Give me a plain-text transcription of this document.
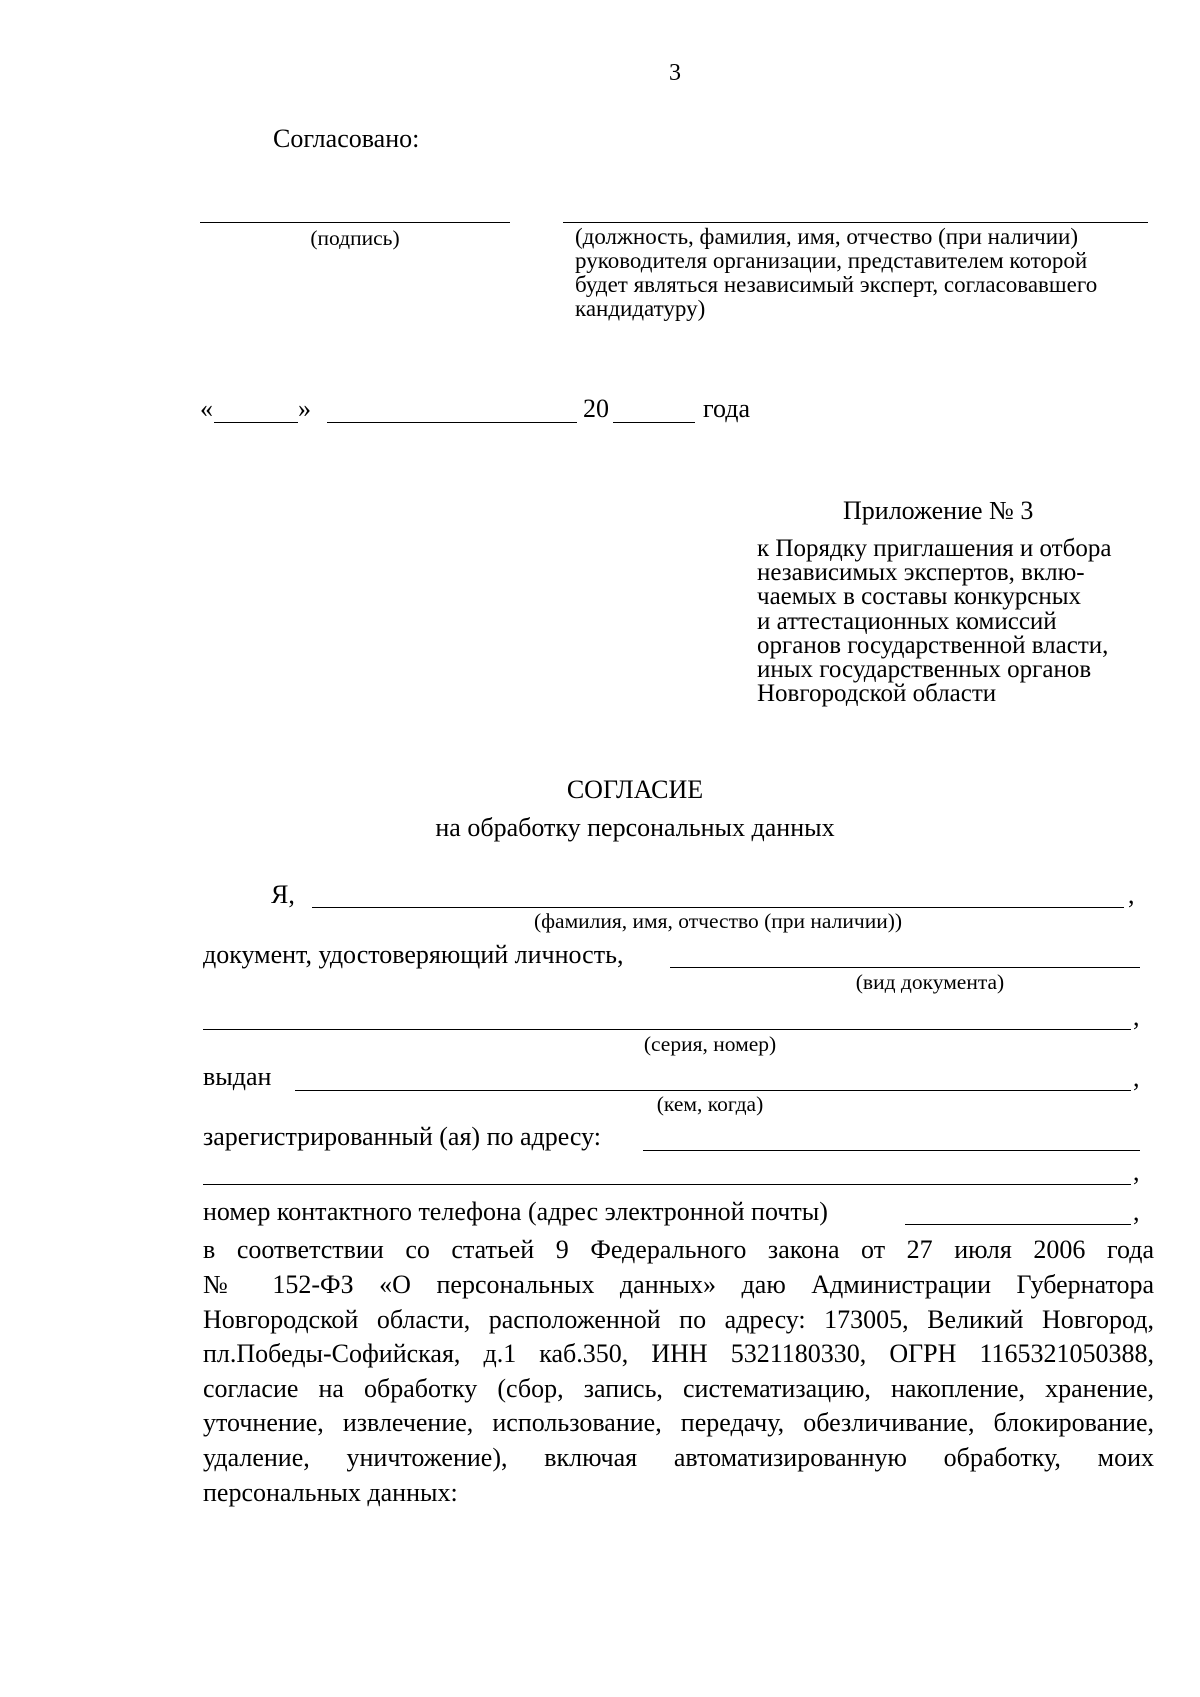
3
Согласовано:
(подпись)	(должность, фамилия, имя, отчество (при наличии)
руководителя организации, представителем которой
будет являться независимый эксперт, согласовавшего
кандидатуру)
«	»	20	года
Приложение № 3
к Порядку приглашения и отбора
независимых экспертов, вклю-
чаемых в составы конкурсных
и аттестационных комиссий
органов государственной власти,
иных государственных органов
Новгородской области
СОГЛАСИЕ
на обработку персональных данных
Я,	,
(фамилия, имя, отчество (при наличии))
документ, удостоверяющий личность,
(вид документа)
,
(серия, номер)
выдан	,
(кем, когда)
зарегистрированный (ая) по адресу:
,
номер контактного телефона (адрес электронной почты)	,
в соответствии со статьей 9 Федерального закона от 27 июля 2006 года
№ 152-ФЗ «О персональных данных» даю Администрации Губернатора
Новгородской области, расположенной по адресу: 173005, Великий Новгород,
пл.Победы-Софийская, д.1 каб.350, ИНН 5321180330, ОГРН 1165321050388,
согласие на обработку (сбор, запись, систематизацию, накопление, хранение,
уточнение, извлечение, использование, передачу, обезличивание, блокирование,
удаление, уничтожение), включая автоматизированную обработку, моих
персональных данных:
